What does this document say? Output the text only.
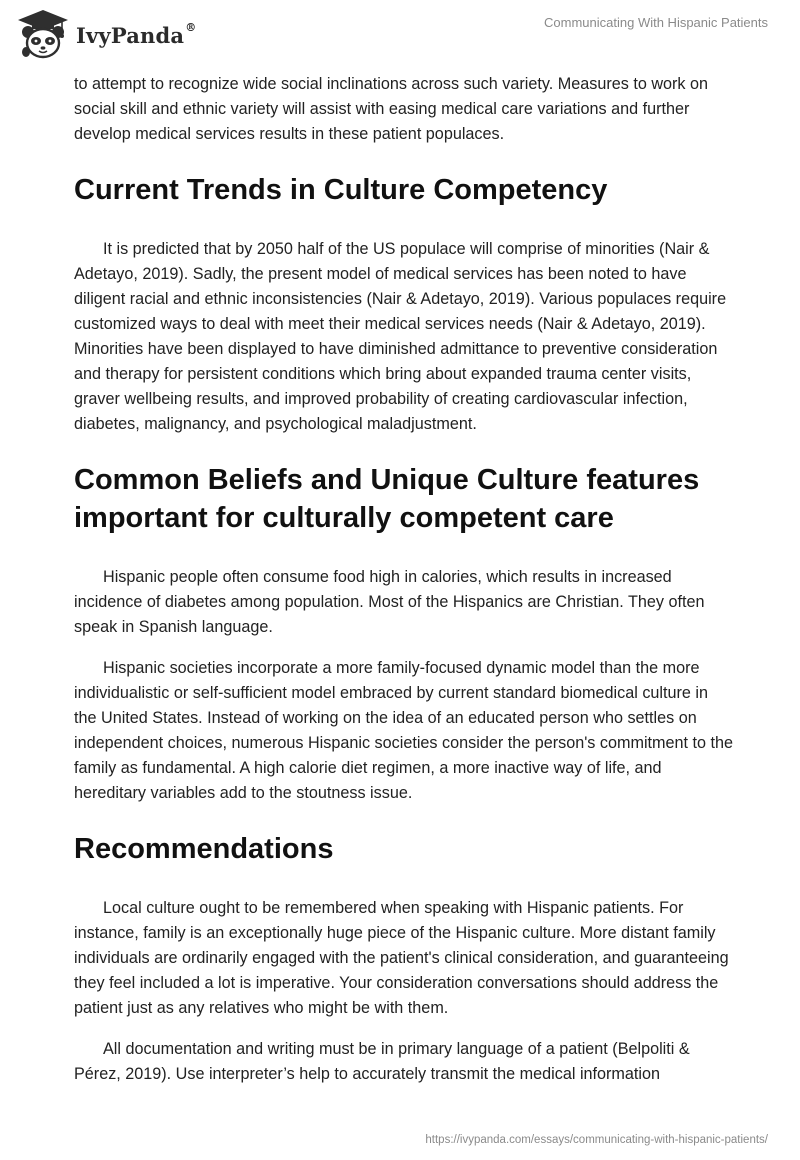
IvyPanda®	Communicating With Hispanic Patients

to attempt to recognize wide social inclinations across such variety. Measures to work on social skill and ethnic variety will assist with easing medical care variations and further develop medical services results in these patient populaces.

Current Trends in Culture Competency

It is predicted that by 2050 half of the US populace will comprise of minorities (Nair & Adetayo, 2019). Sadly, the present model of medical services has been noted to have diligent racial and ethnic inconsistencies (Nair & Adetayo, 2019). Various populaces require customized ways to deal with meet their medical services needs (Nair & Adetayo, 2019). Minorities have been displayed to have diminished admittance to preventive consideration and therapy for persistent conditions which bring about expanded trauma center visits, graver wellbeing results, and improved probability of creating cardiovascular infection, diabetes, malignancy, and psychological maladjustment.

Common Beliefs and Unique Culture features important for culturally competent care

Hispanic people often consume food high in calories, which results in increased incidence of diabetes among population. Most of the Hispanics are Christian. They often speak in Spanish language.

Hispanic societies incorporate a more family-focused dynamic model than the more individualistic or self-sufficient model embraced by current standard biomedical culture in the United States. Instead of working on the idea of an educated person who settles on independent choices, numerous Hispanic societies consider the person's commitment to the family as fundamental. A high calorie diet regimen, a more inactive way of life, and hereditary variables add to the stoutness issue.

Recommendations

Local culture ought to be remembered when speaking with Hispanic patients. For instance, family is an exceptionally huge piece of the Hispanic culture. More distant family individuals are ordinarily engaged with the patient's clinical consideration, and guaranteeing they feel included a lot is imperative. Your consideration conversations should address the patient just as any relatives who might be with them.

All documentation and writing must be in primary language of a patient (Belpoliti & Pérez, 2019). Use interpreter’s help to accurately transmit the medical information

https://ivypanda.com/essays/communicating-with-hispanic-patients/
